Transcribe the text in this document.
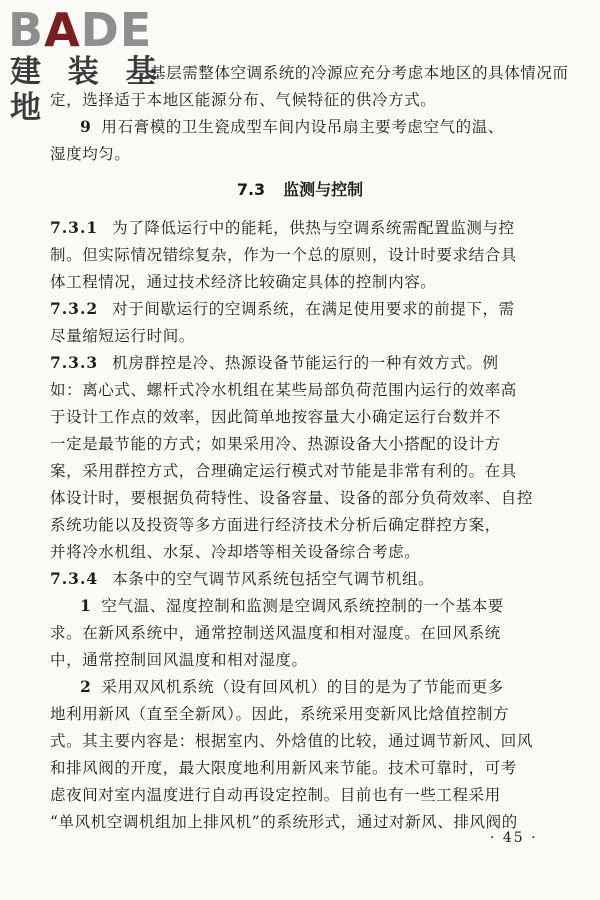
BADE
建 装 基 地
基层需整体空调系统的冷源应充分考虑本地区的具体情况而
定，选择适于本地区能源分布、气候特征的供冷方式。
9 用石膏模的卫生瓷成型车间内设吊扇主要考虑空气的温、
湿度均匀。
7.3 监测与控制
7.3.1 为了降低运行中的能耗，供热与空调系统需配置监测与控
制。但实际情况错综复杂，作为一个总的原则，设计时要求结合具
体工程情况，通过技术经济比较确定具体的控制内容。
7.3.2 对于间歇运行的空调系统，在满足使用要求的前提下，需
尽量缩短运行时间。
7.3.3 机房群控是冷、热源设备节能运行的一种有效方式。例
如：离心式、螺杆式冷水机组在某些局部负荷范围内运行的效率高
于设计工作点的效率，因此简单地按容量大小确定运行台数并不
一定是最节能的方式；如果采用冷、热源设备大小搭配的设计方
案，采用群控方式，合理确定运行模式对节能是非常有利的。在具
体设计时，要根据负荷特性、设备容量、设备的部分负荷效率、自控
系统功能以及投资等多方面进行经济技术分析后确定群控方案，
并将冷水机组、水泵、冷却塔等相关设备综合考虑。
7.3.4 本条中的空气调节风系统包括空气调节机组。
1 空气温、湿度控制和监测是空调风系统控制的一个基本要
求。在新风系统中，通常控制送风温度和相对湿度。在回风系统
中，通常控制回风温度和相对湿度。
2 采用双风机系统（设有回风机）的目的是为了节能而更多
地利用新风（直至全新风）。因此，系统采用变新风比焓值控制方
式。其主要内容是：根据室内、外焓值的比较，通过调节新风、回风
和排风阀的开度，最大限度地利用新风来节能。技术可靠时，可考
虑夜间对室内温度进行自动再设定控制。目前也有一些工程采用
“单风机空调机组加上排风机”的系统形式，通过对新风、排风阀的
· 45 ·
